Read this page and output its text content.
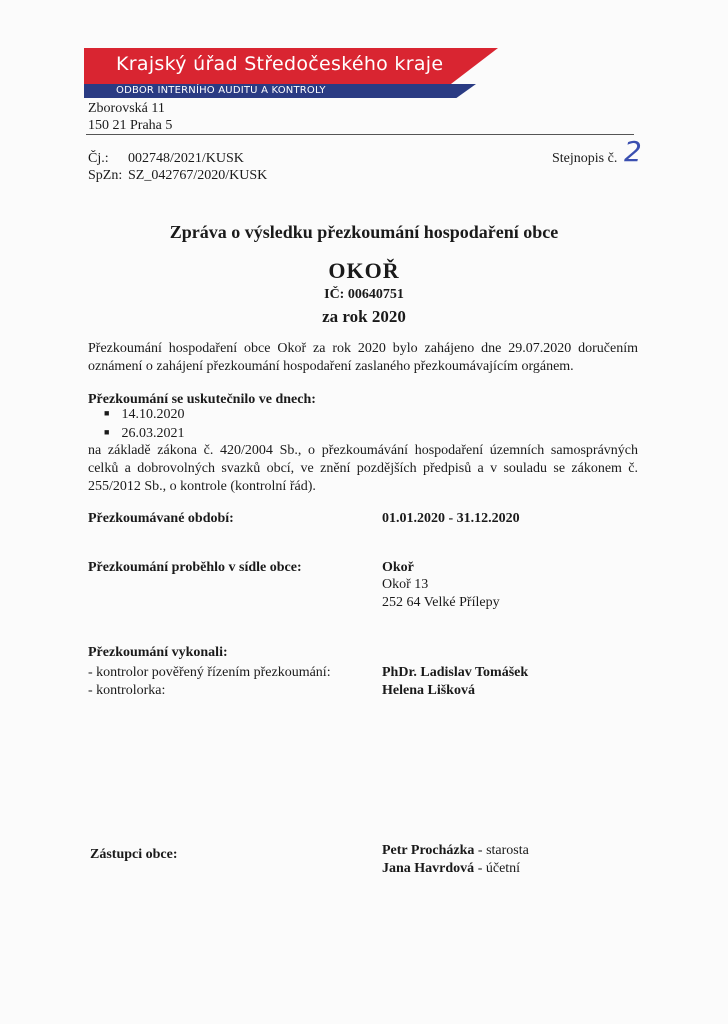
Krajský úřad Středočeského kraje
ODBOR INTERNÍHO AUDITU A KONTROLY
Zborovská 11
150 21 Praha 5
Čj.: 002748/2021/KUSK
SpZn: SZ_042767/2020/KUSK
Stejnopis č. 2
Zpráva o výsledku přezkoumání hospodaření obce
OKOŘ
IČ: 00640751
za rok 2020
Přezkoumání hospodaření obce Okoř za rok 2020 bylo zahájeno dne 29.07.2020 doručením oznámení o zahájení přezkoumání hospodaření zaslaného přezkoumávajícím orgánem.
Přezkoumání se uskutečnilo ve dnech:
■ 14.10.2020
■ 26.03.2021
na základě zákona č. 420/2004 Sb., o přezkoumávání hospodaření územních samosprávných celků a dobrovolných svazků obcí, ve znění pozdějších předpisů a v souladu se zákonem č. 255/2012 Sb., o kontrole (kontrolní řád).
Přezkoumávané období:	01.01.2020 - 31.12.2020
Přezkoumání proběhlo v sídle obce:	Okoř
Okoř 13
252 64 Velké Přílepy
Přezkoumání vykonali:
- kontrolor pověřený řízením přezkoumání:	PhDr. Ladislav Tomášek
- kontrolorka:	Helena Lišková
Zástupci obce:	Petr Procházka - starosta
Jana Havrdová - účetní
